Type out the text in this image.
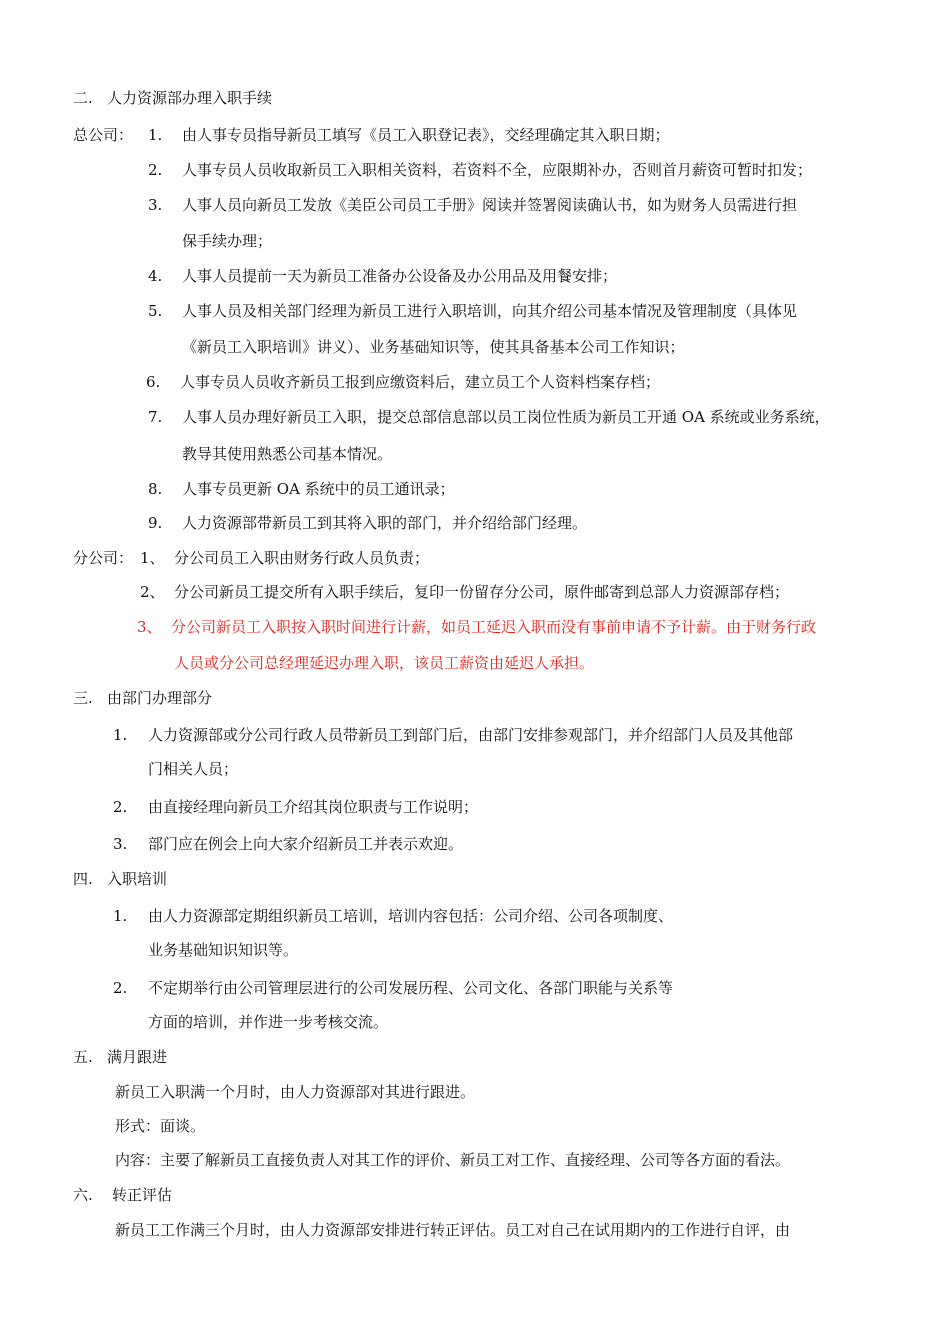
二. 人力资源部办理入职手续
总公司： 1. 由人事专员指导新员工填写《员工入职登记表》，交经理确定其入职日期；
2. 人事专员人员收取新员工入职相关资料，若资料不全，应限期补办，否则首月薪资可暂时扣发；
3. 人事人员向新员工发放《美臣公司员工手册》阅读并签署阅读确认书，如为财务人员需进行担
保手续办理；
4. 人事人员提前一天为新员工准备办公设备及办公用品及用餐安排；
5. 人事人员及相关部门经理为新员工进行入职培训，向其介绍公司基本情况及管理制度（具体见
《新员工入职培训》讲义）、业务基础知识等，使其具备基本公司工作知识；
6. 人事专员人员收齐新员工报到应缴资料后，建立员工个人资料档案存档；
7. 人事人员办理好新员工入职，提交总部信息部以员工岗位性质为新员工开通 OA 系统或业务系统，
教导其使用熟悉公司基本情况。
8. 人事专员更新 OA 系统中的员工通讯录；
9. 人力资源部带新员工到其将入职的部门，并介绍给部门经理。
分公司： 1、 分公司员工入职由财务行政人员负责；
2、 分公司新员工提交所有入职手续后，复印一份留存分公司，原件邮寄到总部人力资源部存档；
3、 分公司新员工入职按入职时间进行计薪，如员工延迟入职而没有事前申请不予计薪。由于财务行政
人员或分公司总经理延迟办理入职，该员工薪资由延迟人承担。
三. 由部门办理部分
1. 人力资源部或分公司行政人员带新员工到部门后，由部门安排参观部门，并介绍部门人员及其他部
门相关人员；
2. 由直接经理向新员工介绍其岗位职责与工作说明；
3. 部门应在例会上向大家介绍新员工并表示欢迎。
四. 入职培训
1. 由人力资源部定期组织新员工培训，培训内容包括：公司介绍、公司各项制度、
业务基础知识知识等。
2. 不定期举行由公司管理层进行的公司发展历程、公司文化、各部门职能与关系等
方面的培训，并作进一步考核交流。
五. 满月跟进
新员工入职满一个月时，由人力资源部对其进行跟进。
形式：面谈。
内容：主要了解新员工直接负责人对其工作的评价、新员工对工作、直接经理、公司等各方面的看法。
六. 转正评估
新员工工作满三个月时，由人力资源部安排进行转正评估。员工对自己在试用期内的工作进行自评，由
